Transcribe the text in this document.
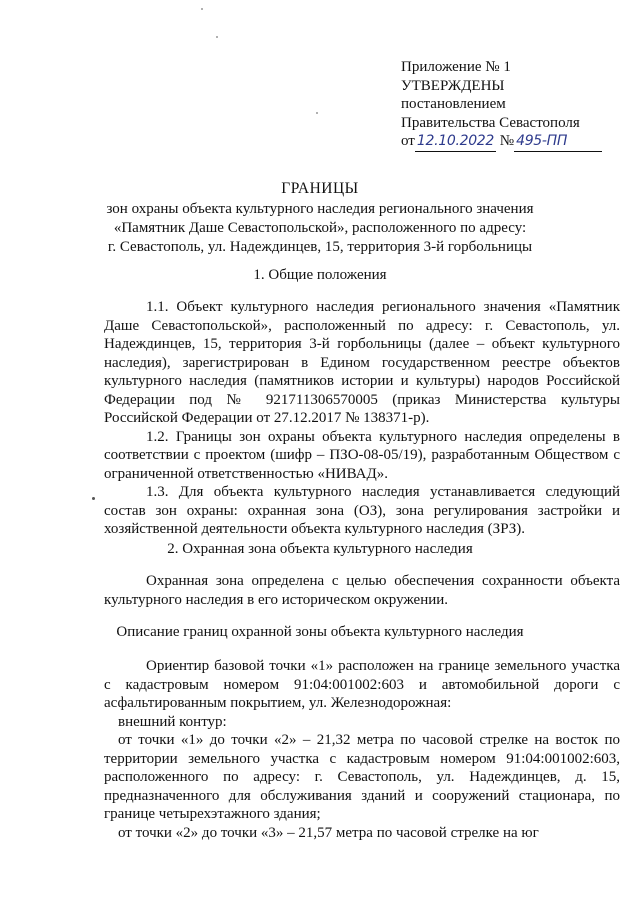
Приложение № 1
УТВЕРЖДЕНЫ
постановлением
Правительства Севастополя
от 12.10.2022 № 495-ПП
ГРАНИЦЫ
зон охраны объекта культурного наследия регионального значения
«Памятник Даше Севастопольской», расположенного по адресу:
г. Севастополь, ул. Надеждинцев, 15, территория 3-й горбольницы
1. Общие положения

1.1. Объект культурного наследия регионального значения «Памятник Даше Севастопольской», расположенный по адресу: г. Севастополь, ул. Надеждинцев, 15, территория 3-й горбольницы (далее – объект культурного наследия), зарегистрирован в Едином государственном реестре объектов культурного наследия (памятников истории и культуры) народов Российской Федерации под № 921711306570005 (приказ Министерства культуры Российской Федерации от 27.12.2017 № 138371-р).

1.2. Границы зон охраны объекта культурного наследия определены в соответствии с проектом (шифр – ПЗО-08-05/19), разработанным Обществом с ограниченной ответственностью «НИВАД».

1.3. Для объекта культурного наследия устанавливается следующий состав зон охраны: охранная зона (ОЗ), зона регулирования застройки и хозяйственной деятельности объекта культурного наследия (ЗРЗ).

2. Охранная зона объекта культурного наследия

Охранная зона определена с целью обеспечения сохранности объекта культурного наследия в его историческом окружении.

Описание границ охранной зоны объекта культурного наследия

Ориентир базовой точки «1» расположен на границе земельного участка с кадастровым номером 91:04:001002:603 и автомобильной дороги с асфальтированным покрытием, ул. Железнодорожная:

внешний контур:

от точки «1» до точки «2» – 21,32 метра по часовой стрелке на восток по территории земельного участка с кадастровым номером 91:04:001002:603, расположенного по адресу: г. Севастополь, ул. Надеждинцев, д. 15, предназначенного для обслуживания зданий и сооружений стационара, по границе четырехэтажного здания;

от точки «2» до точки «3» – 21,57 метра по часовой стрелке на юг
